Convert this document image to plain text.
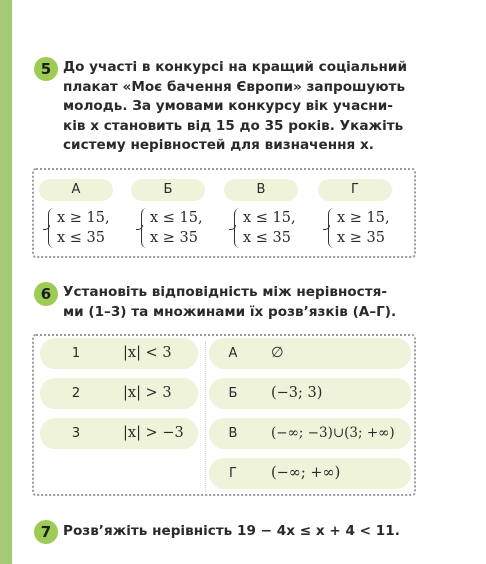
5 До участі в конкурсі на кращий соціальний
плакат «Моє бачення Європи» запрошують
молодь. За умовами конкурсу вік учасни-
ків x становить від 15 до 35 років. Укажіть
систему нерівностей для визначення x.
А	Б	В	Г
x ≥ 15,
x ≤ 35
x ≤ 15,
x ≥ 35
x ≤ 15,
x ≤ 35
x ≥ 15,
x ≥ 35
6 Установіть відповідність між нерівностя-
ми (1–3) та множинами їх розв’язків (А–Г).
1	|x| < 3
2	|x| > 3
3	|x| > −3
А	∅
Б	(−3; 3)
В	(−∞; −3)∪(3; +∞)
Г	(−∞; +∞)
7 Розв’яжіть нерівність 19 − 4x ≤ x + 4 < 11.
